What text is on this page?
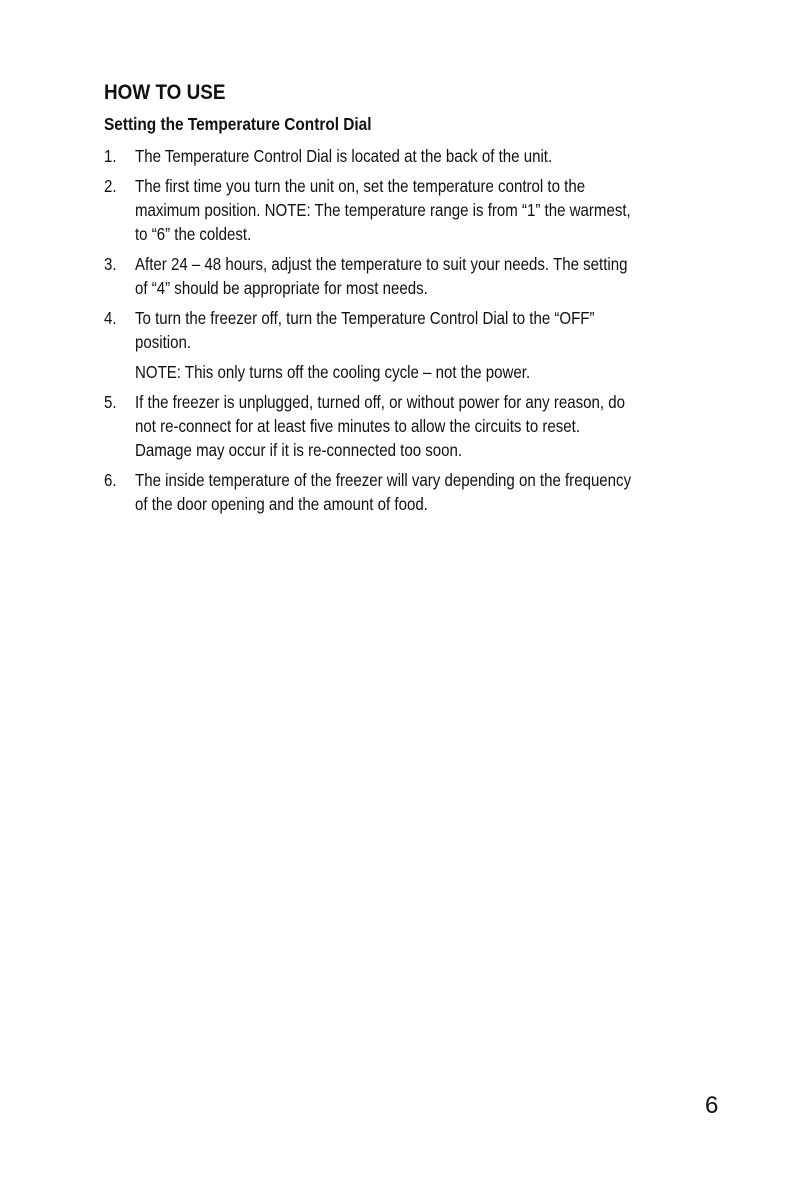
HOW TO USE
Setting the Temperature Control Dial
1. The Temperature Control Dial is located at the back of the unit.
2. The first time you turn the unit on, set the temperature control to the
maximum position. NOTE: The temperature range is from “1” the warmest,
to “6” the coldest.
3. After 24 – 48 hours, adjust the temperature to suit your needs. The setting
of “4” should be appropriate for most needs.
4. To turn the freezer off, turn the Temperature Control Dial to the “OFF”
position.
NOTE: This only turns off the cooling cycle – not the power.
5. If the freezer is unplugged, turned off, or without power for any reason, do
not re-connect for at least five minutes to allow the circuits to reset.
Damage may occur if it is re-connected too soon.
6. The inside temperature of the freezer will vary depending on the frequency
of the door opening and the amount of food.
6
